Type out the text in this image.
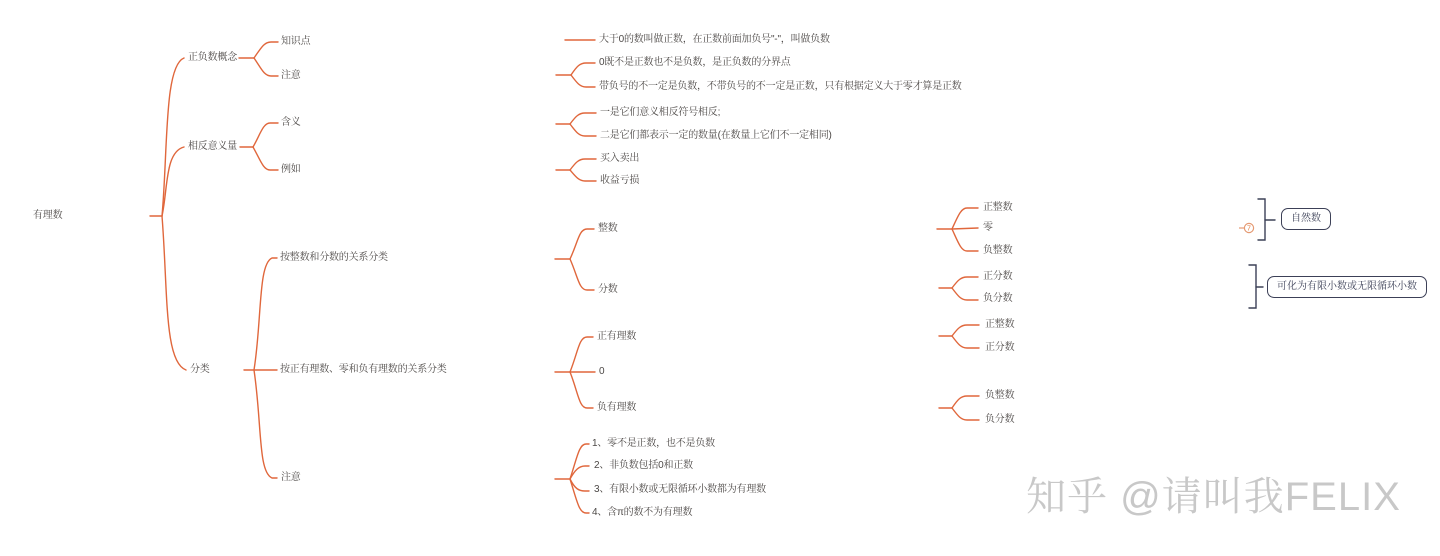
7
有理数
正负数概念
相反意义量
分类
知识点
注意
含义
例如
按整数和分数的关系分类
按正有理数、零和负有理数的关系分类
注意
大于0的数叫做正数，在正数前面加负号"-"，叫做负数
0既不是正数也不是负数，是正负数的分界点
带负号的不一定是负数，不带负号的不一定是正数，只有根据定义大于零才算是正数
一是它们意义相反符号相反;
二是它们都表示一定的数量(在数量上它们不一定相同)
买入卖出
收益亏损
整数
分数
正有理数
0
负有理数
1、零不是正数，也不是负数
2、非负数包括0和正数
3、有限小数或无限循环小数都为有理数
4、含π的数不为有理数
正整数
零
负整数
正分数
负分数
正整数
正分数
负整数
负分数
自然数
可化为有限小数或无限循环小数
知乎 @请叫我FELIX
